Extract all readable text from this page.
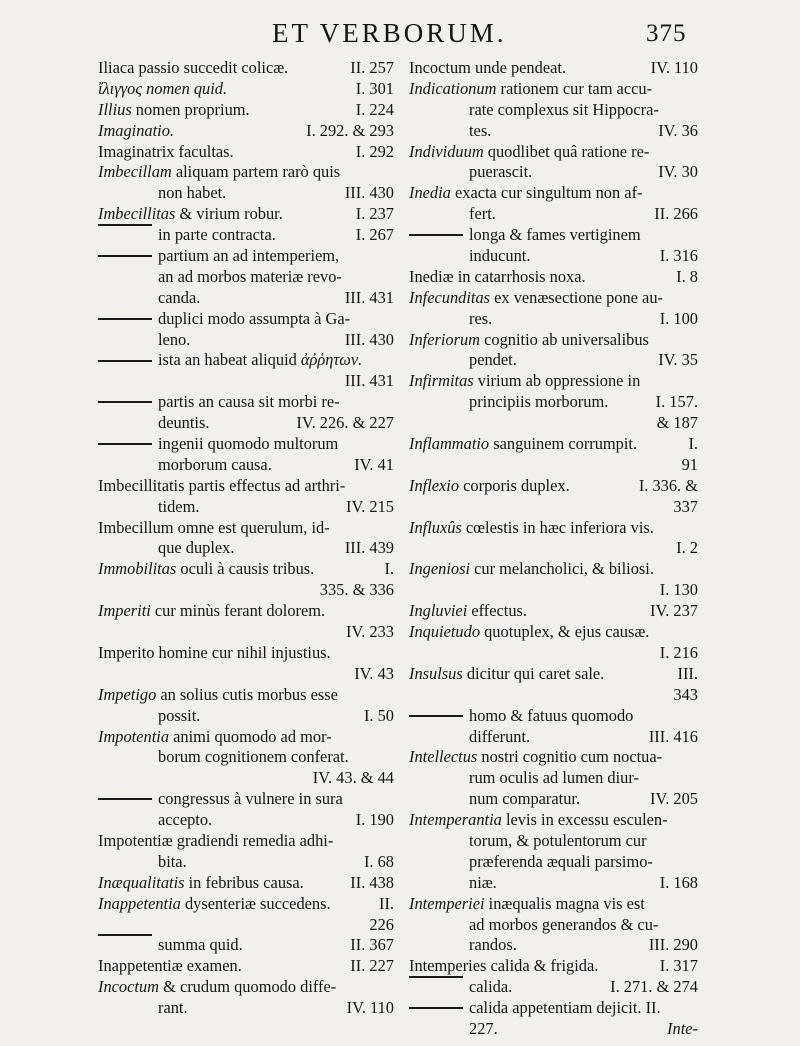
ET VERBORUM.	375
Iliaca passio succedit colicæ.	II. 257
ἴλιγγος nomen quid.	I. 301
Illius nomen proprium.	I. 224
Imaginatio.	I. 292. & 293
Imaginatrix facultas.	I. 292
Imbecillam aliquam partem rarò quis
non habet.	III. 430
Imbecillitas & virium robur.	I. 237
in parte contracta.	I. 267
partium an ad intemperiem,
an ad morbos materiæ revo-
canda.	III. 431
duplici modo assumpta à Ga-
leno.	III. 430
ista an habeat aliquid ἀῤῥητων.
III. 431
partis an causa sit morbi re-
deuntis.	IV. 226. & 227
ingenii quomodo multorum
morborum causa.	IV. 41
Imbecillitatis partis effectus ad arthri-
tidem.	IV. 215
Imbecillum omne est querulum, id-
que duplex.	III. 439
Immobilitas oculi à causis tribus.	I.
335. & 336
Imperiti cur minùs ferant dolorem.
IV. 233
Imperito homine cur nihil injustius.
IV. 43
Impetigo an solius cutis morbus esse
possit.	I. 50
Impotentia animi quomodo ad mor-
borum cognitionem conferat.
IV. 43. & 44
congressus à vulnere in sura
accepto.	I. 190
Impotentiæ gradiendi remedia adhi-
bita.	I. 68
Inæqualitatis in febribus causa.	II. 438
Inappetentia dysenteriæ succedens.	II.
226
summa quid.	II. 367
Inappetentiæ examen.	II. 227
Incoctum & crudum quomodo diffe-
rant.	IV. 110
Incoctum unde pendeat.	IV. 110
Indicationum rationem cur tam accu-
rate complexus sit Hippocra-
tes.	IV. 36
Individuum quodlibet quâ ratione re-
puerascit.	IV. 30
Inedia exacta cur singultum non af-
fert.	II. 266
longa & fames vertiginem
inducunt.	I. 316
Inediæ in catarrhosis noxa.	I. 8
Infecunditas ex venæsectione pone au-
res.	I. 100
Inferiorum cognitio ab universalibus
pendet.	IV. 35
Infirmitas virium ab oppressione in
principiis morborum.	I. 157.
& 187
Inflammatio sanguinem corrumpit.	I.
91
Inflexio corporis duplex.	I. 336. &
337
Influxûs cœlestis in hæc inferiora vis.
I. 2
Ingeniosi cur melancholici, & biliosi.
I. 130
Ingluviei effectus.	IV. 237
Inquietudo quotuplex, & ejus causæ.
I. 216
Insulsus dicitur qui caret sale.	III.
343
homo & fatuus quomodo
differunt.	III. 416
Intellectus nostri cognitio cum noctua-
rum oculis ad lumen diur-
num comparatur.	IV. 205
Intemperantia levis in excessu esculen-
torum, & potulentorum cur
præferenda æquali parsimo-
niæ.	I. 168
Intemperiei inæqualis magna vis est
ad morbos generandos & cu-
randos.	III. 290
Intemperies calida & frigida.	I. 317
calida.	I. 271. & 274
calida appetentiam dejicit. II.
227.	Inte-
